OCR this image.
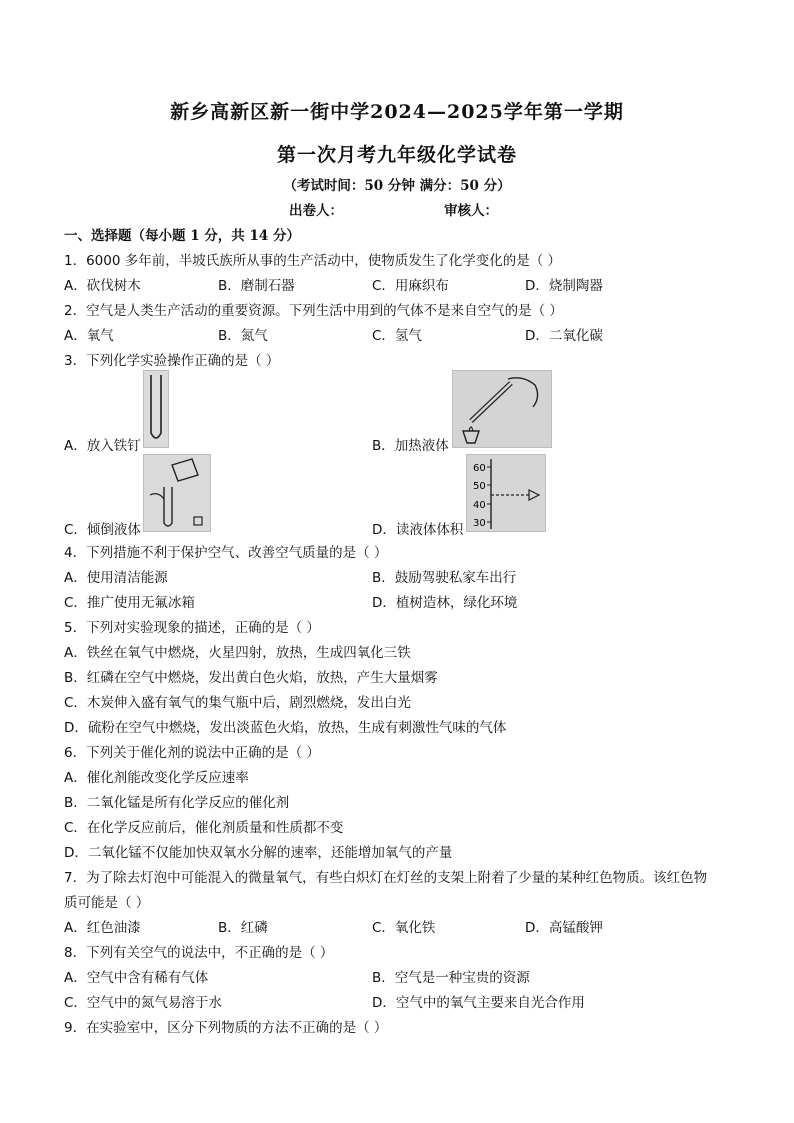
新乡高新区新一街中学2024—2025学年第一学期
第一次月考九年级化学试卷
（考试时间：50 分钟 满分：50 分）
出卷人：	审核人：
一、选择题（每小题 1 分，共 14 分）
1．6000 多年前，半坡氏族所从事的生产活动中，使物质发生了化学变化的是（ ）
A．砍伐树木	B．磨制石器	C．用麻织布	D．烧制陶器
2．空气是人类生产活动的重要资源。下列生活中用到的气体不是来自空气的是（ ）
A．氧气	B．氮气	C．氢气	D．二氧化碳
3．下列化学实验操作正确的是（ ）
A．放入铁钉	B．加热液体
C．倾倒液体
60
50
40
30
D．读液体体积
4．下列措施不利于保护空气、改善空气质量的是（ ）
A．使用清洁能源	B．鼓励驾驶私家车出行
C．推广使用无氟冰箱	D．植树造林，绿化环境
5．下列对实验现象的描述，正确的是（ ）
A．铁丝在氧气中燃烧，火星四射，放热，生成四氧化三铁
B．红磷在空气中燃烧，发出黄白色火焰，放热，产生大量烟雾
C．木炭伸入盛有氧气的集气瓶中后，剧烈燃烧，发出白光
D．硫粉在空气中燃烧，发出淡蓝色火焰，放热，生成有刺激性气味的气体
6．下列关于催化剂的说法中正确的是（ ）
A．催化剂能改变化学反应速率
B．二氧化锰是所有化学反应的催化剂
C．在化学反应前后，催化剂质量和性质都不变
D．二氧化锰不仅能加快双氧水分解的速率，还能增加氧气的产量
7．为了除去灯泡中可能混入的微量氧气，有些白炽灯在灯丝的支架上附着了少量的某种红色物质。该红色物
质可能是（ ）
A．红色油漆	B．红磷	C．氧化铁	D．高锰酸钾
8．下列有关空气的说法中，不正确的是（ ）
A．空气中含有稀有气体	B．空气是一种宝贵的资源
C．空气中的氮气易溶于水	D．空气中的氧气主要来自光合作用
9．在实验室中，区分下列物质的方法不正确的是（ ）
